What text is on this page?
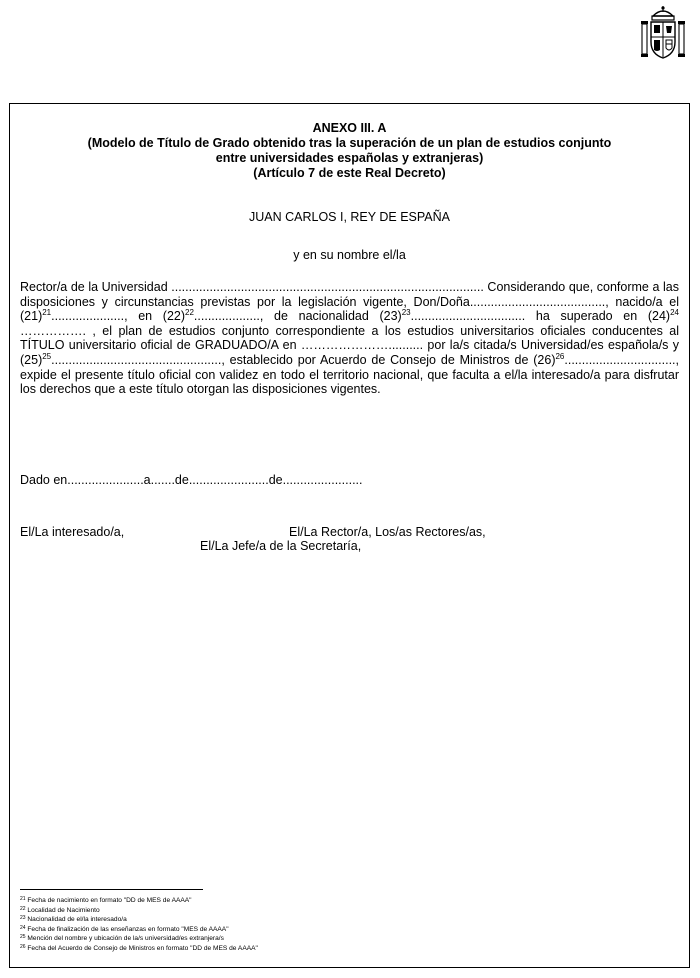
ANEXO III. A
(Modelo de Título de Grado obtenido tras la superación de un plan de estudios conjunto
entre universidades españolas y extranjeras)
(Artículo 7 de este Real Decreto)
JUAN CARLOS I, REY DE ESPAÑA
y en su nombre el/la

Rector/a de la Universidad .......................................................................................... Considerando que, conforme a las disposiciones y circunstancias previstas por la legislación vigente, Don/Doña......................................., nacido/a el $(21)^{21}$....................., en $(22)^{22}$..................., de nacionalidad $(23)^{23}$................................. ha superado en $(24)^{24}$ ……………. , el plan de estudios conjunto correspondiente a los estudios universitarios oficiales conducentes al TÍTULO universitario oficial de GRADUADO/A en ………………….......... por la/s citada/s Universidad/es española/s y $(25)^{25}$................................................., establecido por Acuerdo de Consejo de Ministros de $(26)^{26}$................................, expide el presente título oficial con validez en todo el territorio nacional, que faculta a el/la interesado/a para disfrutar los derechos que a este título otorgan las disposiciones vigentes.

Dado en......................a.......de.......................de.......................
El/La interesado/a,	El/La Rector/a, Los/as Rectores/as,
El/La Jefe/a de la Secretaría,
$^{21}$ Fecha de nacimiento en formato "DD de MES de AAAA"
$^{22}$ Localidad de Nacimiento
$^{23}$ Nacionalidad de el/la interesado/a
$^{24}$ Fecha de finalización de las enseñanzas en formato "MES de AAAA"
$^{25}$ Mención del nombre y ubicación de la/s universidad/es extranjera/s
$^{26}$ Fecha del Acuerdo de Consejo de Ministros en formato "DD de MES de AAAA"
